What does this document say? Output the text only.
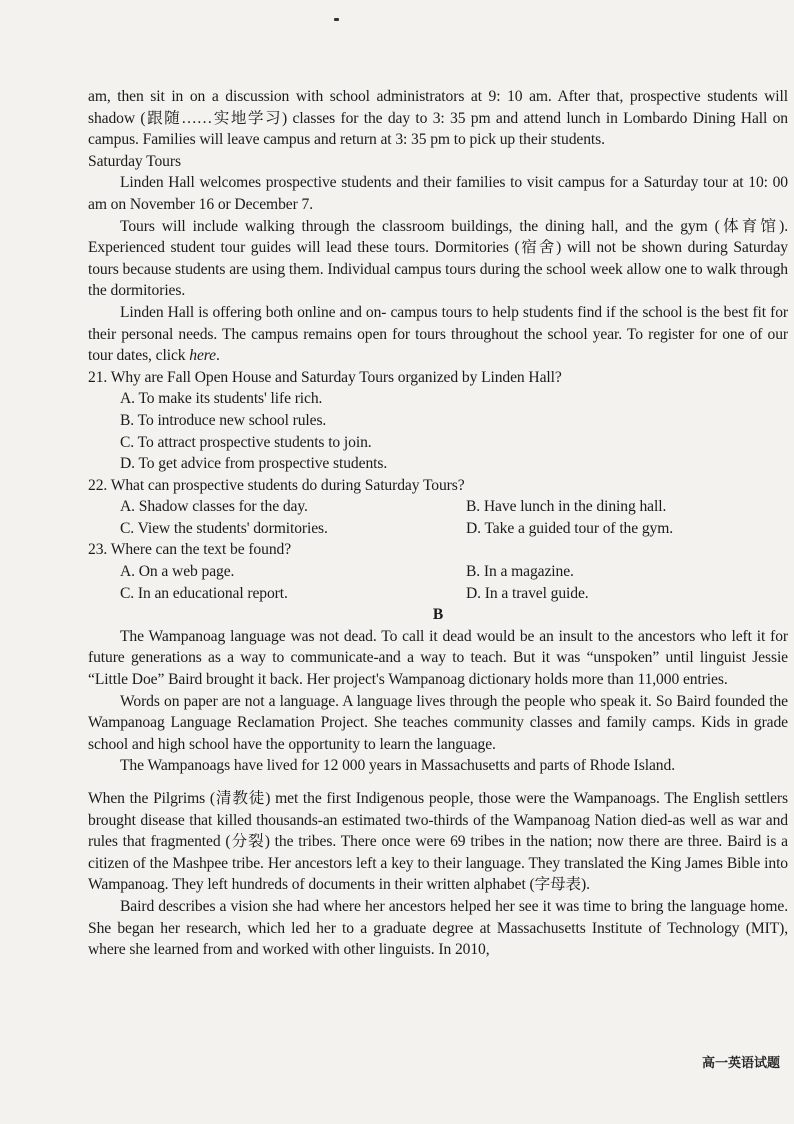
am, then sit in on a discussion with school administrators at 9: 10 am. After that, prospective students will shadow (跟随……实地学习) classes for the day to 3: 35 pm and attend lunch in Lombardo Dining Hall on campus. Families will leave campus and return at 3: 35 pm to pick up their students.

Saturday Tours

Linden Hall welcomes prospective students and their families to visit campus for a Saturday tour at 10: 00 am on November 16 or December 7.

Tours will include walking through the classroom buildings, the dining hall, and the gym (体育馆). Experienced student tour guides will lead these tours. Dormitories (宿舍) will not be shown during Saturday tours because students are using them. Individual campus tours during the school week allow one to walk through the dormitories.

Linden Hall is offering both online and on- campus tours to help students find if the school is the best fit for their personal needs. The campus remains open for tours throughout the school year. To register for one of our tour dates, click here.

21. Why are Fall Open House and Saturday Tours organized by Linden Hall?

A. To make its students' life rich.

B. To introduce new school rules.

C. To attract prospective students to join.

D. To get advice from prospective students.

22. What can prospective students do during Saturday Tours?

A. Shadow classes for the day.	B. Have lunch in the dining hall.
C. View the students' dormitories.	D. Take a guided tour of the gym.

23. Where can the text be found?

A. On a web page.	B. In a magazine.
C. In an educational report.	D. In a travel guide.

B

The Wampanoag language was not dead. To call it dead would be an insult to the ancestors who left it for future generations as a way to communicate-and a way to teach. But it was “unspoken” until linguist Jessie “Little Doe” Baird brought it back. Her project's Wampanoag dictionary holds more than 11,000 entries.

Words on paper are not a language. A language lives through the people who speak it. So Baird founded the Wampanoag Language Reclamation Project. She teaches community classes and family camps. Kids in grade school and high school have the opportunity to learn the language.

The Wampanoags have lived for 12 000 years in Massachusetts and parts of Rhode Island.

When the Pilgrims (清教徒) met the first Indigenous people, those were the Wampanoags. The English settlers brought disease that killed thousands-an estimated two-thirds of the Wampanoag Nation died-as well as war and rules that fragmented (分裂) the tribes. There once were 69 tribes in the nation; now there are three. Baird is a citizen of the Mashpee tribe. Her ancestors left a key to their language. They translated the King James Bible into Wampanoag. They left hundreds of documents in their written alphabet (字母表).

Baird describes a vision she had where her ancestors helped her see it was time to bring the language home. She began her research, which led her to a graduate degree at Massachusetts Institute of Technology (MIT), where she learned from and worked with other linguists. In 2010,

高一英语试题
